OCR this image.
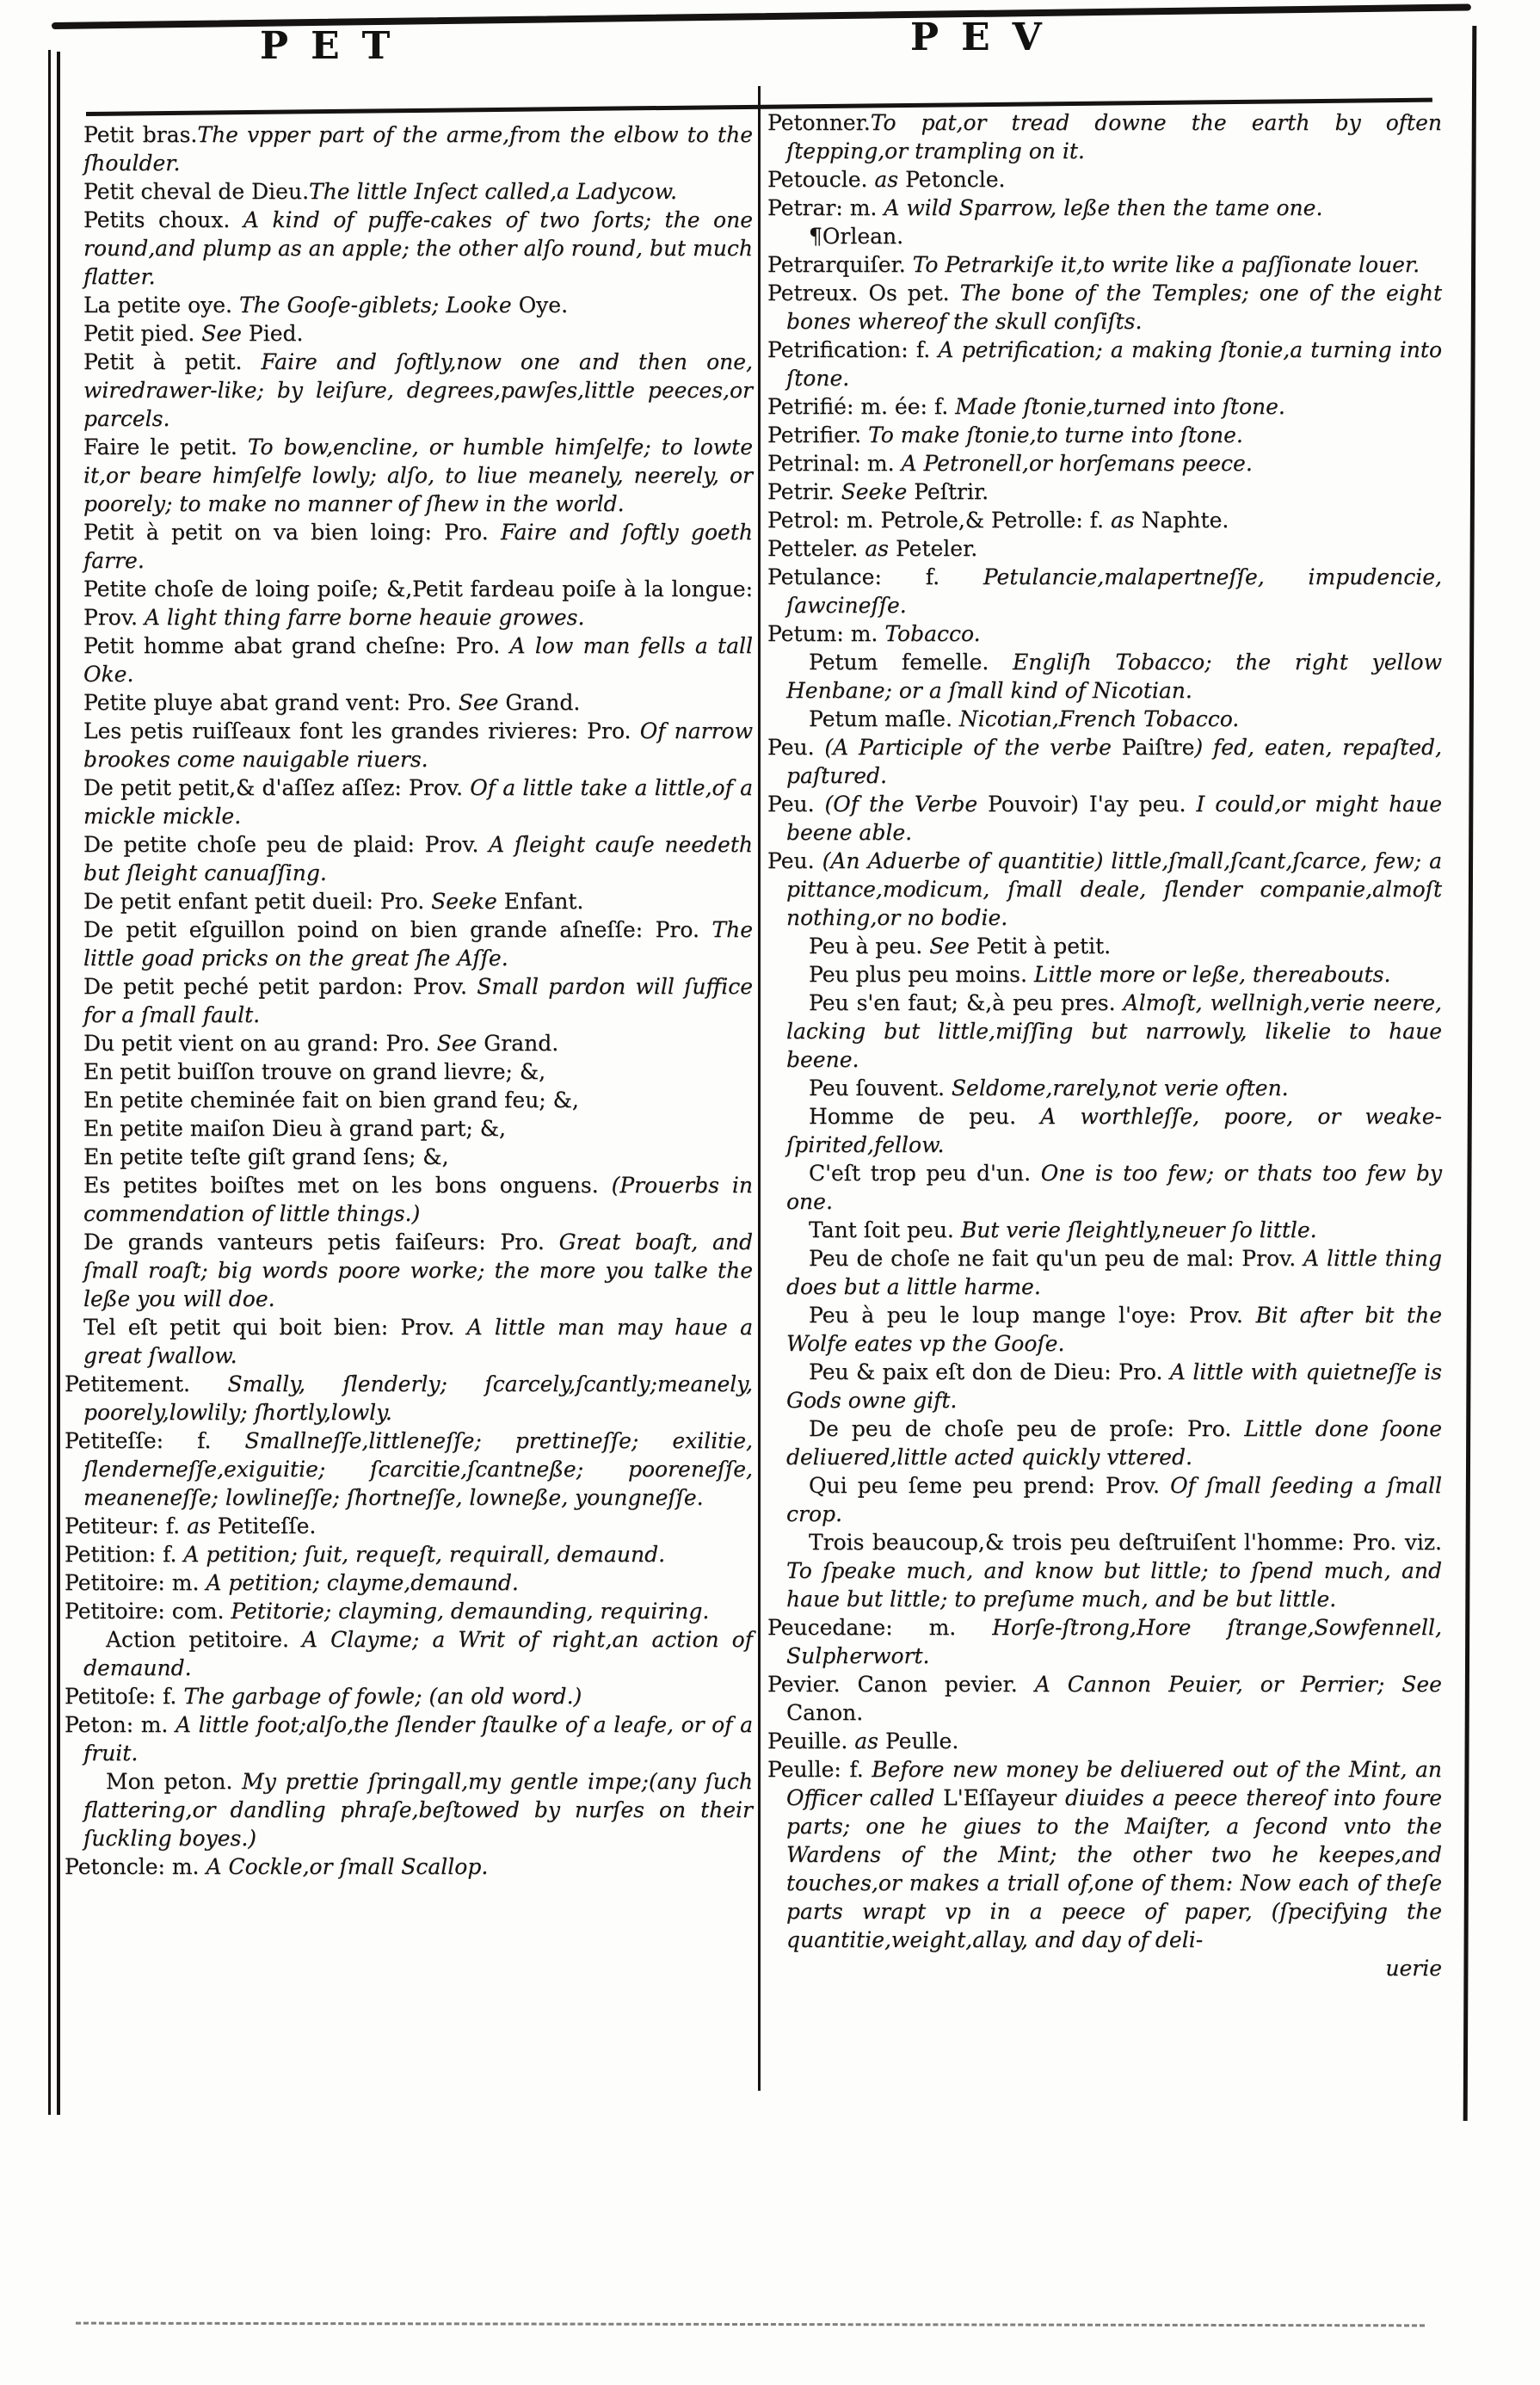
PET	PEV

Petit bras.The vpper part of the arme,from the elbow to the ſhoulder.

Petit cheval de Dieu.The little Inſect called,a Ladycow.

Petits choux. A kind of puffe-cakes of two ſorts; the one round,and plump as an apple; the other alſo round, but much flatter.

La petite oye. The Gooſe-giblets; Looke Oye.

Petit pied. See Pied.

Petit à petit. Faire and ſoftly,now one and then one, wiredrawer-like; by leiſure, degrees,pawſes,little peeces,or parcels.

Faire le petit. To bow,encline, or humble himſelfe; to lowte it,or beare himſelfe lowly; alſo, to liue meanely, neerely, or poorely; to make no manner of ſhew in the world.

Petit à petit on va bien loing: Pro. Faire and ſoftly goeth farre.

Petite choſe de loing poiſe; &,Petit fardeau poiſe à la longue: Prov. A light thing farre borne heauie growes.

Petit homme abat grand cheſne: Pro. A low man fells a tall Oke.

Petite pluye abat grand vent: Pro. See Grand.

Les petis ruiſſeaux font les grandes rivieres: Pro. Of narrow brookes come nauigable riuers.

De petit petit,& d'aſſez aſſez: Prov. Of a little take a little,of a mickle mickle.

De petite choſe peu de plaid: Prov. A ſleight cauſe needeth but ſleight canuaſſing.

De petit enfant petit dueil: Pro. Seeke Enfant.

De petit eſguillon poind on bien grande aſneſſe: Pro. The little goad pricks on the great ſhe Aſſe.

De petit peché petit pardon: Prov. Small pardon will ſuffice for a ſmall fault.

Du petit vient on au grand: Pro. See Grand.

En petit buiſſon trouve on grand lievre; &,

En petite cheminée fait on bien grand feu; &,

En petite maiſon Dieu à grand part; &,

En petite teſte giſt grand ſens; &,

Es petites boiſtes met on les bons onguens. (Prouerbs in commendation of little things.)

De grands vanteurs petis faiſeurs: Pro. Great boaſt, and ſmall roaſt; big words poore worke; the more you talke the leße you will doe.

Tel eſt petit qui boit bien: Prov. A little man may haue a great ſwallow.

Petitement. Smally, ſlenderly; ſcarcely,ſcantly;meanely, poorely,lowlily; ſhortly,lowly.

Petiteſſe: f. Smallneſſe,littleneſſe; prettineſſe; exilitie, ſlenderneſſe,exiguitie; ſcarcitie,ſcantneße; pooreneſſe, meaneneſſe; lowlineſſe; ſhortneſſe, lowneße, youngneſſe.

Petiteur: f. as Petiteſſe.

Petition: f. A petition; ſuit, requeſt, requirall, demaund.

Petitoire: m. A petition; clayme,demaund.

Petitoire: com. Petitorie; clayming, demaunding, requiring.

Action petitoire. A Clayme; a Writ of right,an action of demaund.

Petitoſe: f. The garbage of fowle; (an old word.)

Peton: m. A little foot;alſo,the ſlender ſtaulke of a leafe, or of a fruit.

Mon peton. My prettie ſpringall,my gentle impe;(any ſuch flattering,or dandling phraſe,beſtowed by nurſes on their ſuckling boyes.)

Petoncle: m. A Cockle,or ſmall Scallop.

Petonner.To pat,or tread downe the earth by often ſtepping,or trampling on it.

Petoucle. as Petoncle.

Petrar: m. A wild Sparrow, leße then the tame one.

¶Orlean.

Petrarquiſer. To Petrarkiſe it,to write like a paſſionate louer.

Petreux. Os pet. The bone of the Temples; one of the eight bones whereof the skull conſiſts.

Petrification: f. A petrification; a making ſtonie,a turning into ſtone.

Petrifié: m. ée: f. Made ſtonie,turned into ſtone.

Petrifier. To make ſtonie,to turne into ſtone.

Petrinal: m. A Petronell,or horſemans peece.

Petrir. Seeke Peſtrir.

Petrol: m. Petrole,& Petrolle: f. as Naphte.

Petteler. as Peteler.

Petulance: f. Petulancie,malapertneſſe, impudencie, ſawcineſſe.

Petum: m. Tobacco.

Petum femelle. Engliſh Tobacco; the right yellow Henbane; or a ſmall kind of Nicotian.

Petum maſle. Nicotian,French Tobacco.

Peu. (A Participle of the verbe Paiſtre) fed, eaten, repaſted, paſtured.

Peu. (Of the Verbe Pouvoir) I'ay peu. I could,or might haue beene able.

Peu. (An Aduerbe of quantitie) little,ſmall,ſcant,ſcarce, few; a pittance,modicum, ſmall deale, ſlender companie,almoſt nothing,or no bodie.

Peu à peu. See Petit à petit.

Peu plus peu moins. Little more or leße, thereabouts.

Peu s'en faut; &,à peu pres. Almoſt, wellnigh,verie neere, lacking but little,miſſing but narrowly, likelie to haue beene.

Peu ſouvent. Seldome,rarely,not verie often.

Homme de peu. A worthleſſe, poore, or weake-ſpirited,fellow.

C'eſt trop peu d'un. One is too few; or thats too few by one.

Tant ſoit peu. But verie ſleightly,neuer ſo little.

Peu de choſe ne fait qu'un peu de mal: Prov. A little thing does but a little harme.

Peu à peu le loup mange l'oye: Prov. Bit after bit the Wolfe eates vp the Gooſe.

Peu & paix eſt don de Dieu: Pro. A little with quietneſſe is Gods owne gift.

De peu de choſe peu de proſe: Pro. Little done ſoone deliuered,little acted quickly vttered.

Qui peu ſeme peu prend: Prov. Of ſmall ſeeding a ſmall crop.

Trois beaucoup,& trois peu deſtruiſent l'homme: Pro. viz. To ſpeake much, and know but little; to ſpend much, and haue but little; to preſume much, and be but little.

Peucedane: m. Horſe-ſtrong,Hore ſtrange,Sowfennell, Sulpherwort.

Pevier. Canon pevier. A Cannon Peuier, or Perrier; See Canon.

Peuille. as Peulle.

Peulle: f. Before new money be deliuered out of the Mint, an Officer called L'Eſſayeur diuides a peece thereof into foure parts; one he giues to the Maiſter, a ſecond vnto the Wardens of the Mint; the other two he keepes,and touches,or makes a triall of,one of them: Now each of theſe parts wrapt vp in a peece of paper, (ſpecifying the quantitie,weight,allay, and day of deli-

uerie
